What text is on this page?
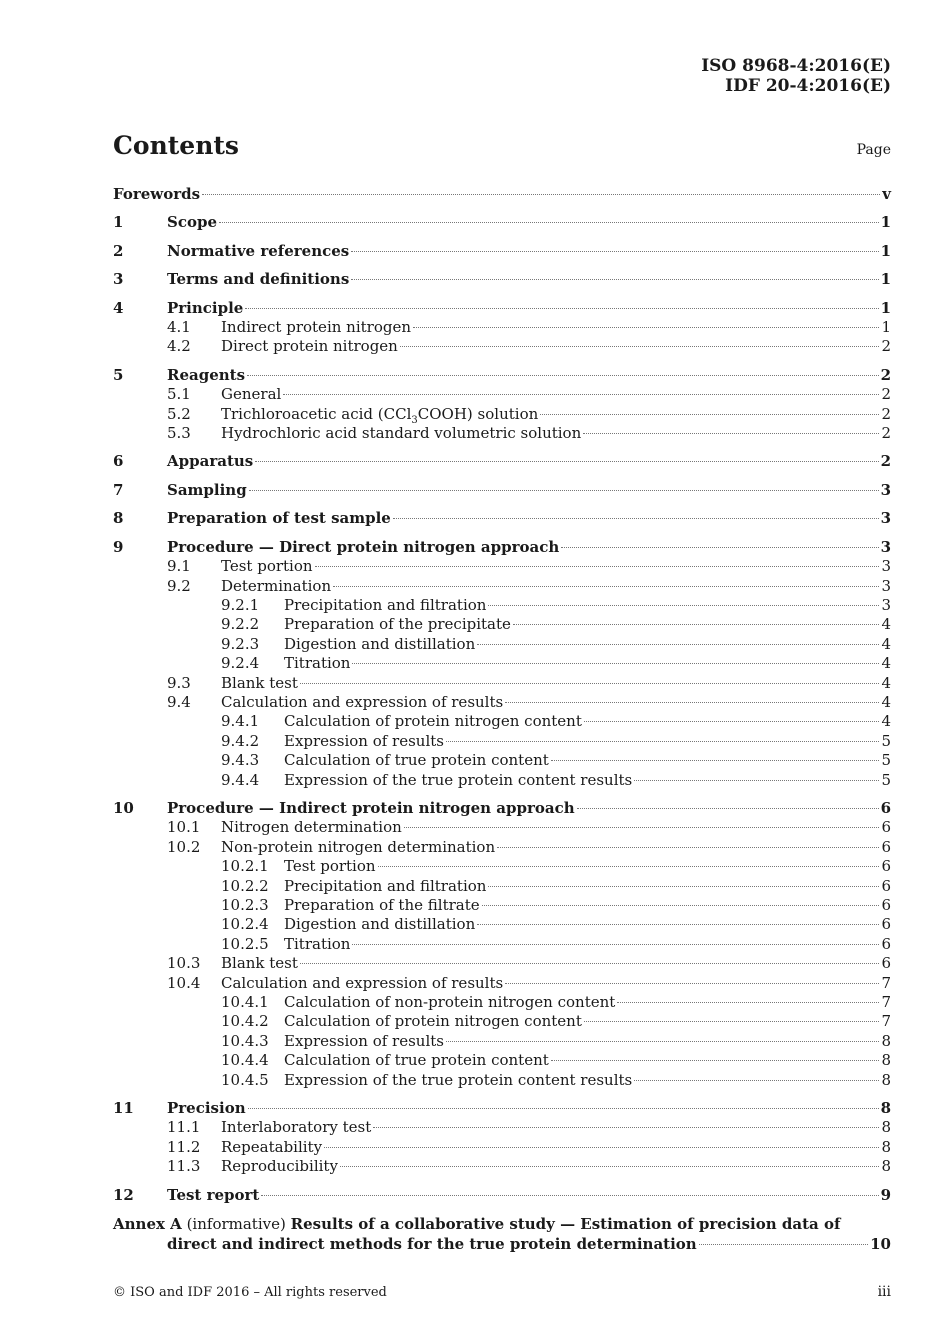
ISO 8968-4:2016(E)
IDF 20-4:2016(E)
Contents	Page
Forewords	v
1	Scope	1
2	Normative references	1
3	Terms and definitions	1
4	Principle	1
4.1	Indirect protein nitrogen	1
4.2	Direct protein nitrogen	2
5	Reagents	2
5.1	General	2
5.2	Trichloroacetic acid (CCl$_3$COOH) solution	2
5.3	Hydrochloric acid standard volumetric solution	2
6	Apparatus	2
7	Sampling	3
8	Preparation of test sample	3
9	Procedure — Direct protein nitrogen approach	3
9.1	Test portion	3
9.2	Determination	3
9.2.1	Precipitation and filtration	3
9.2.2	Preparation of the precipitate	4
9.2.3	Digestion and distillation	4
9.2.4	Titration	4
9.3	Blank test	4
9.4	Calculation and expression of results	4
9.4.1	Calculation of protein nitrogen content	4
9.4.2	Expression of results	5
9.4.3	Calculation of true protein content	5
9.4.4	Expression of the true protein content results	5
10	Procedure — Indirect protein nitrogen approach	6
10.1	Nitrogen determination	6
10.2	Non-protein nitrogen determination	6
10.2.1	Test portion	6
10.2.2	Precipitation and filtration	6
10.2.3	Preparation of the filtrate	6
10.2.4	Digestion and distillation	6
10.2.5	Titration	6
10.3	Blank test	6
10.4	Calculation and expression of results	7
10.4.1	Calculation of non-protein nitrogen content	7
10.4.2	Calculation of protein nitrogen content	7
10.4.3	Expression of results	8
10.4.4	Calculation of true protein content	8
10.4.5	Expression of the true protein content results	8
11	Precision	8
11.1	Interlaboratory test	8
11.2	Repeatability	8
11.3	Reproducibility	8
12	Test report	9
Annex A (informative) Results of a collaborative study — Estimation of precision data of
direct and indirect methods for the true protein determination	10
© ISO and IDF 2016 – All rights reserved	iii
